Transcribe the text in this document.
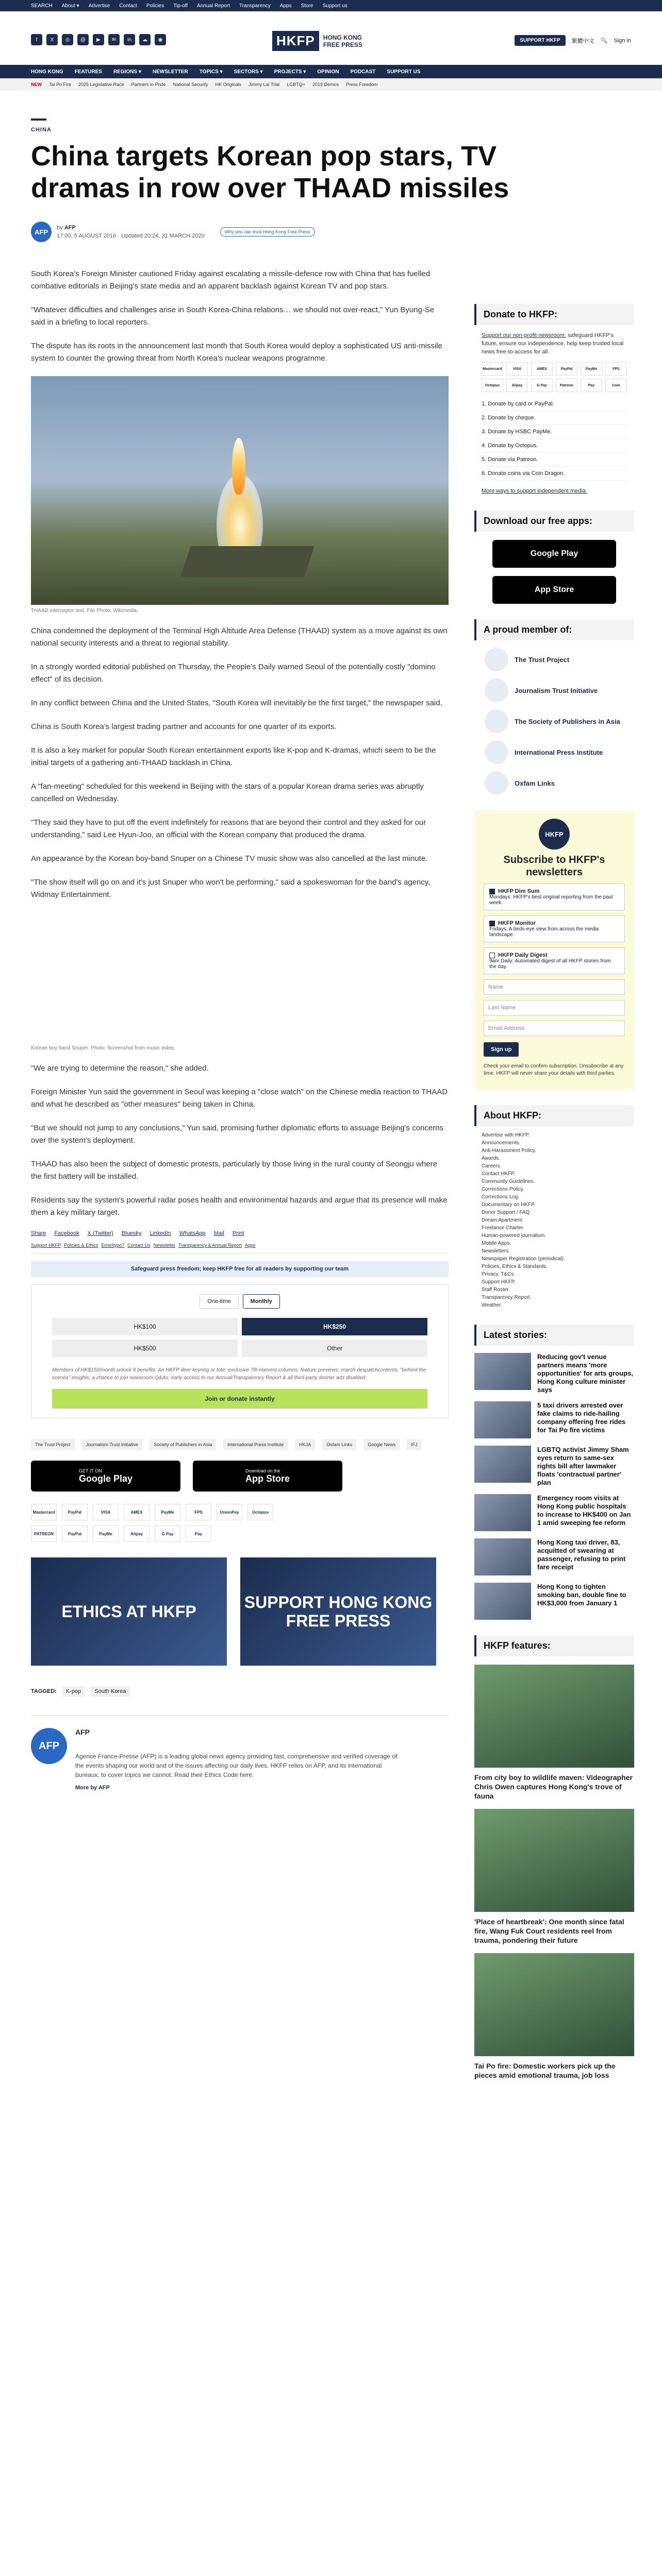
SEARCH About ▾ Advertise Contact Policies Tip-off Annual Report Transparency Apps Store Support us
f	X	◎	@	▶	✉	in	☁	◉	HKFP	HONG KONG
FREE PRESS
SUPPORT HKFP	繁體中文 🔍 Sign in
HONG KONG FEATURES REGIONS ▾ NEWSLETTER TOPICS ▾ SECTORS ▾ PROJECTS ▾ OPINION PODCAST SUPPORT US
NEW Tai Po Fire 2025 Legislative Race Partners in Pride National Security HK Originals Jimmy Lai Trial LGBTQ+ 2019 Demos Press Freedom
CHINA
China targets Korean pop stars, TV dramas in row over THAAD missiles
AFP
by AFP
17:00, 5 AUGUST 2016 · Updated 20:24, 31 MARCH 2020
Why you can trust Hong Kong Free Press

South Korea's Foreign Minister cautioned Friday against escalating a missile-defence row with China that has fuelled combative editorials in Beijing's state media and an apparent backlash against Korean TV and pop stars.

"Whatever difficulties and challenges arise in South Korea-China relations… we should not over-react," Yun Byung-Se said in a briefing to local reporters.

The dispute has its roots in the announcement last month that South Korea would deploy a sophisticated US anti-missile system to counter the growing threat from North Korea's nuclear weapons programme.

THAAD interceptor test. File Photo: Wikimedia.

China condemned the deployment of the Terminal High Altitude Area Defense (THAAD) system as a move against its own national security interests and a threat to regional stability.

In a strongly worded editorial published on Thursday, the People's Daily warned Seoul of the potentially costly "domino effect" of its decision.

In any conflict between China and the United States, "South Korea will inevitably be the first target," the newspaper said.

China is South Korea's largest trading partner and accounts for one quarter of its exports.

It is also a key market for popular South Korean entertainment exports like K-pop and K-dramas, which seem to be the initial targets of a gathering anti-THAAD backlash in China.

A "fan-meeting" scheduled for this weekend in Beijing with the stars of a popular Korean drama series was abruptly cancelled on Wednesday.

"They said they have to put off the event indefinitely for reasons that are beyond their control and they asked for our understanding," said Lee Hyun-Joo, an official with the Korean company that produced the drama.

An appearance by the Korean boy-band Snuper on a Chinese TV music show was also cancelled at the last minute.

"The show itself will go on and it's just Snuper who won't be performing," said a spokeswoman for the band's agency, Widmay Entertainment.

Korean boy band Snuper. Photo: Screenshot from music video.

"We are trying to determine the reason," she added.

Foreign Minister Yun said the government in Seoul was keeping a "close watch" on the Chinese media reaction to THAAD and what he described as "other measures" being taken in China.

"But we should not jump to any conclusions," Yun said, promising further diplomatic efforts to assuage Beijing's concerns over the system's deployment.

THAAD has also been the subject of domestic protests, particularly by those living in the rural county of Seongju where the first battery will be installed.

Residents say the system's powerful radar poses health and environmental hazards and argue that its presence will make them a key military target.

Share Facebook X (Twitter) Bluesky LinkedIn WhatsApp Mail Print
Support HKFP Policies & Ethics Error/typo? Contact Us Newsletter Transparency & Annual Report Apps
Safeguard press freedom; keep HKFP free for all readers by supporting our team
One-time	Monthly
HK$100	HK$250
HK$500	Other
Members of HK$150/month unlock 8 benefits: An HKFP deer keyring or tote; exclusive 7th Harvest columns; feature previews; march despatchcontents; "behind the scenes" insights; a chance to join newsroom Q&As; early access to our Annual/Transparency Report & all third-party donner ads disabled.
Join or donate instantly
The Trust Project	Journalism Trust Initiative	Society of Publishers in Asia	International Press Institute	HKJA	Oxfam Links	Google News	IFJ
GET IT ON
Google Play
Download on the
App Store
Mastercard	PayPal	VISA	AMEX	PayMe	FPS	UnionPay	Octopus
PATREON	PayPal	PayMe	Alipay	G Pay	Pay
ETHICS AT HKFP	SUPPORT HONG KONG FREE PRESS
TAGGED:	K-pop	South Korea
AFP
AFP
Agence France-Presse (AFP) is a leading global news agency providing fast, comprehensive and verified coverage of the events shaping our world and of the issues affecting our daily lives. HKFP relies on AFP, and its international bureaux, to cover topics we cannot. Read their Ethics Code here.
More by AFP
Donate to HKFP:
Support our non-profit newsroom: safeguard HKFP's future, ensure our independence, help keep trusted local news free-to-access for all.
Mastercard	VISA	AMEX	PayPal	PayMe	FPS
Octopus	Alipay	G Pay	Patreon	Pay	Coin
1. Donate by card or PayPal.
2. Donate by cheque.
3. Donate by HSBC PayMe.
4. Donate by Octopus.
5. Donate via Patreon.
6. Donate coins via Coin Dragon.
More ways to support independent media.
Download our free apps:
Google Play
App Store
A proud member of:
The Trust Project
Journalism Trust Initiative
The Society of Publishers in Asia
International Press Institute
Oxfam Links
HKFP
Subscribe to HKFP's newsletters
HKFP Dim Sum
Mondays: HKFP's best original reporting from the past week.
HKFP Monitor
Fridays: A birds-eye view from across the media landscape.
HKFP Daily Digest
9am Daily: Automated digest of all HKFP stories from the day.
Name
Last Name
Email Address
Sign up
Check your email to confirm subscription. Unsubscribe at any time. HKFP will never share your details with third parties.
About HKFP:
Advertise with HKFP.
Announcements.
Anti-Harassment Policy.
Awards.
Careers.
Contact HKFP.
Community Guidelines.
Corrections Policy.
Corrections Log.
Documentary on HKFP.
Donor Support / FAQ.
Dream Apartment.
Freelance Charter.
Human-powered journalism.
Mobile Apps.
Newsletters.
Newspaper Registration (periodical).
Policies, Ethics & Standards.
Privacy, T&Cs.
Support HKFP.
Staff Roster.
Transparency Report.
Weather.
Latest stories:
Reducing gov't venue partners means 'more opportunities' for arts groups, Hong Kong culture minister says
5 taxi drivers arrested over fake claims to ride-hailing company offering free rides for Tai Po fire victims
LGBTQ activist Jimmy Sham eyes return to same-sex rights bill after lawmaker floats 'contractual partner' plan
Emergency room visits at Hong Kong public hospitals to increase to HK$400 on Jan 1 amid sweeping fee reform
Hong Kong taxi driver, 83, acquitted of swearing at passenger, refusing to print fare receipt
Hong Kong to tighten smoking ban, double fine to HK$3,000 from January 1
HKFP features:
From city boy to wildlife maven: Videographer Chris Owen captures Hong Kong's trove of fauna
'Place of heartbreak': One month since fatal fire, Wang Fuk Court residents reel from trauma, pondering their future
Tai Po fire: Domestic workers pick up the pieces amid emotional trauma, job loss
